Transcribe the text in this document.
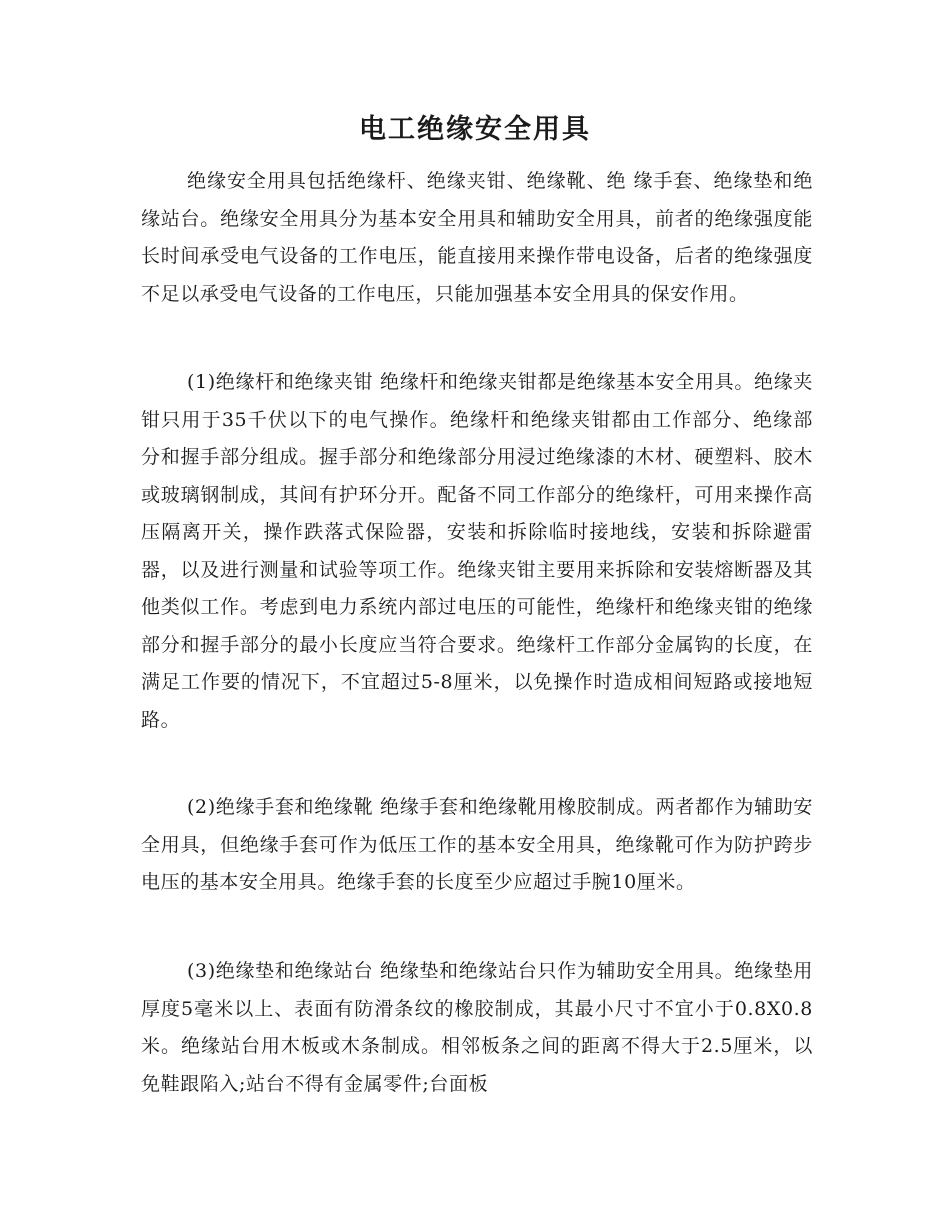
电工绝缘安全用具

绝缘安全用具包括绝缘杆、绝缘夹钳、绝缘靴、绝 缘手套、绝缘垫和绝缘站台。绝缘安全用具分为基本安全用具和辅助安全用具，前者的绝缘强度能长时间承受电气设备的工作电压，能直接用来操作带电设备，后者的绝缘强度不足以承受电气设备的工作电压，只能加强基本安全用具的保安作用。

(1)绝缘杆和绝缘夹钳 绝缘杆和绝缘夹钳都是绝缘基本安全用具。绝缘夹钳只用于35千伏以下的电气操作。绝缘杆和绝缘夹钳都由工作部分、绝缘部分和握手部分组成。握手部分和绝缘部分用浸过绝缘漆的木材、硬塑料、胶木或玻璃钢制成，其间有护环分开。配备不同工作部分的绝缘杆，可用来操作高压隔离开关，操作跌落式保险器，安装和拆除临时接地线，安装和拆除避雷器，以及进行测量和试验等项工作。绝缘夹钳主要用来拆除和安装熔断器及其他类似工作。考虑到电力系统内部过电压的可能性，绝缘杆和绝缘夹钳的绝缘部分和握手部分的最小长度应当符合要求。绝缘杆工作部分金属钩的长度，在满足工作要的情况下，不宜超过5-8厘米，以免操作时造成相间短路或接地短路。

(2)绝缘手套和绝缘靴 绝缘手套和绝缘靴用橡胶制成。两者都作为辅助安全用具，但绝缘手套可作为低压工作的基本安全用具，绝缘靴可作为防护跨步电压的基本安全用具。绝缘手套的长度至少应超过手腕10厘米。

(3)绝缘垫和绝缘站台 绝缘垫和绝缘站台只作为辅助安全用具。绝缘垫用厚度5毫米以上、表面有防滑条纹的橡胶制成，其最小尺寸不宜小于0.8X0.8米。绝缘站台用木板或木条制成。相邻板条之间的距离不得大于2.5厘米，以免鞋跟陷入;站台不得有金属零件;台面板
